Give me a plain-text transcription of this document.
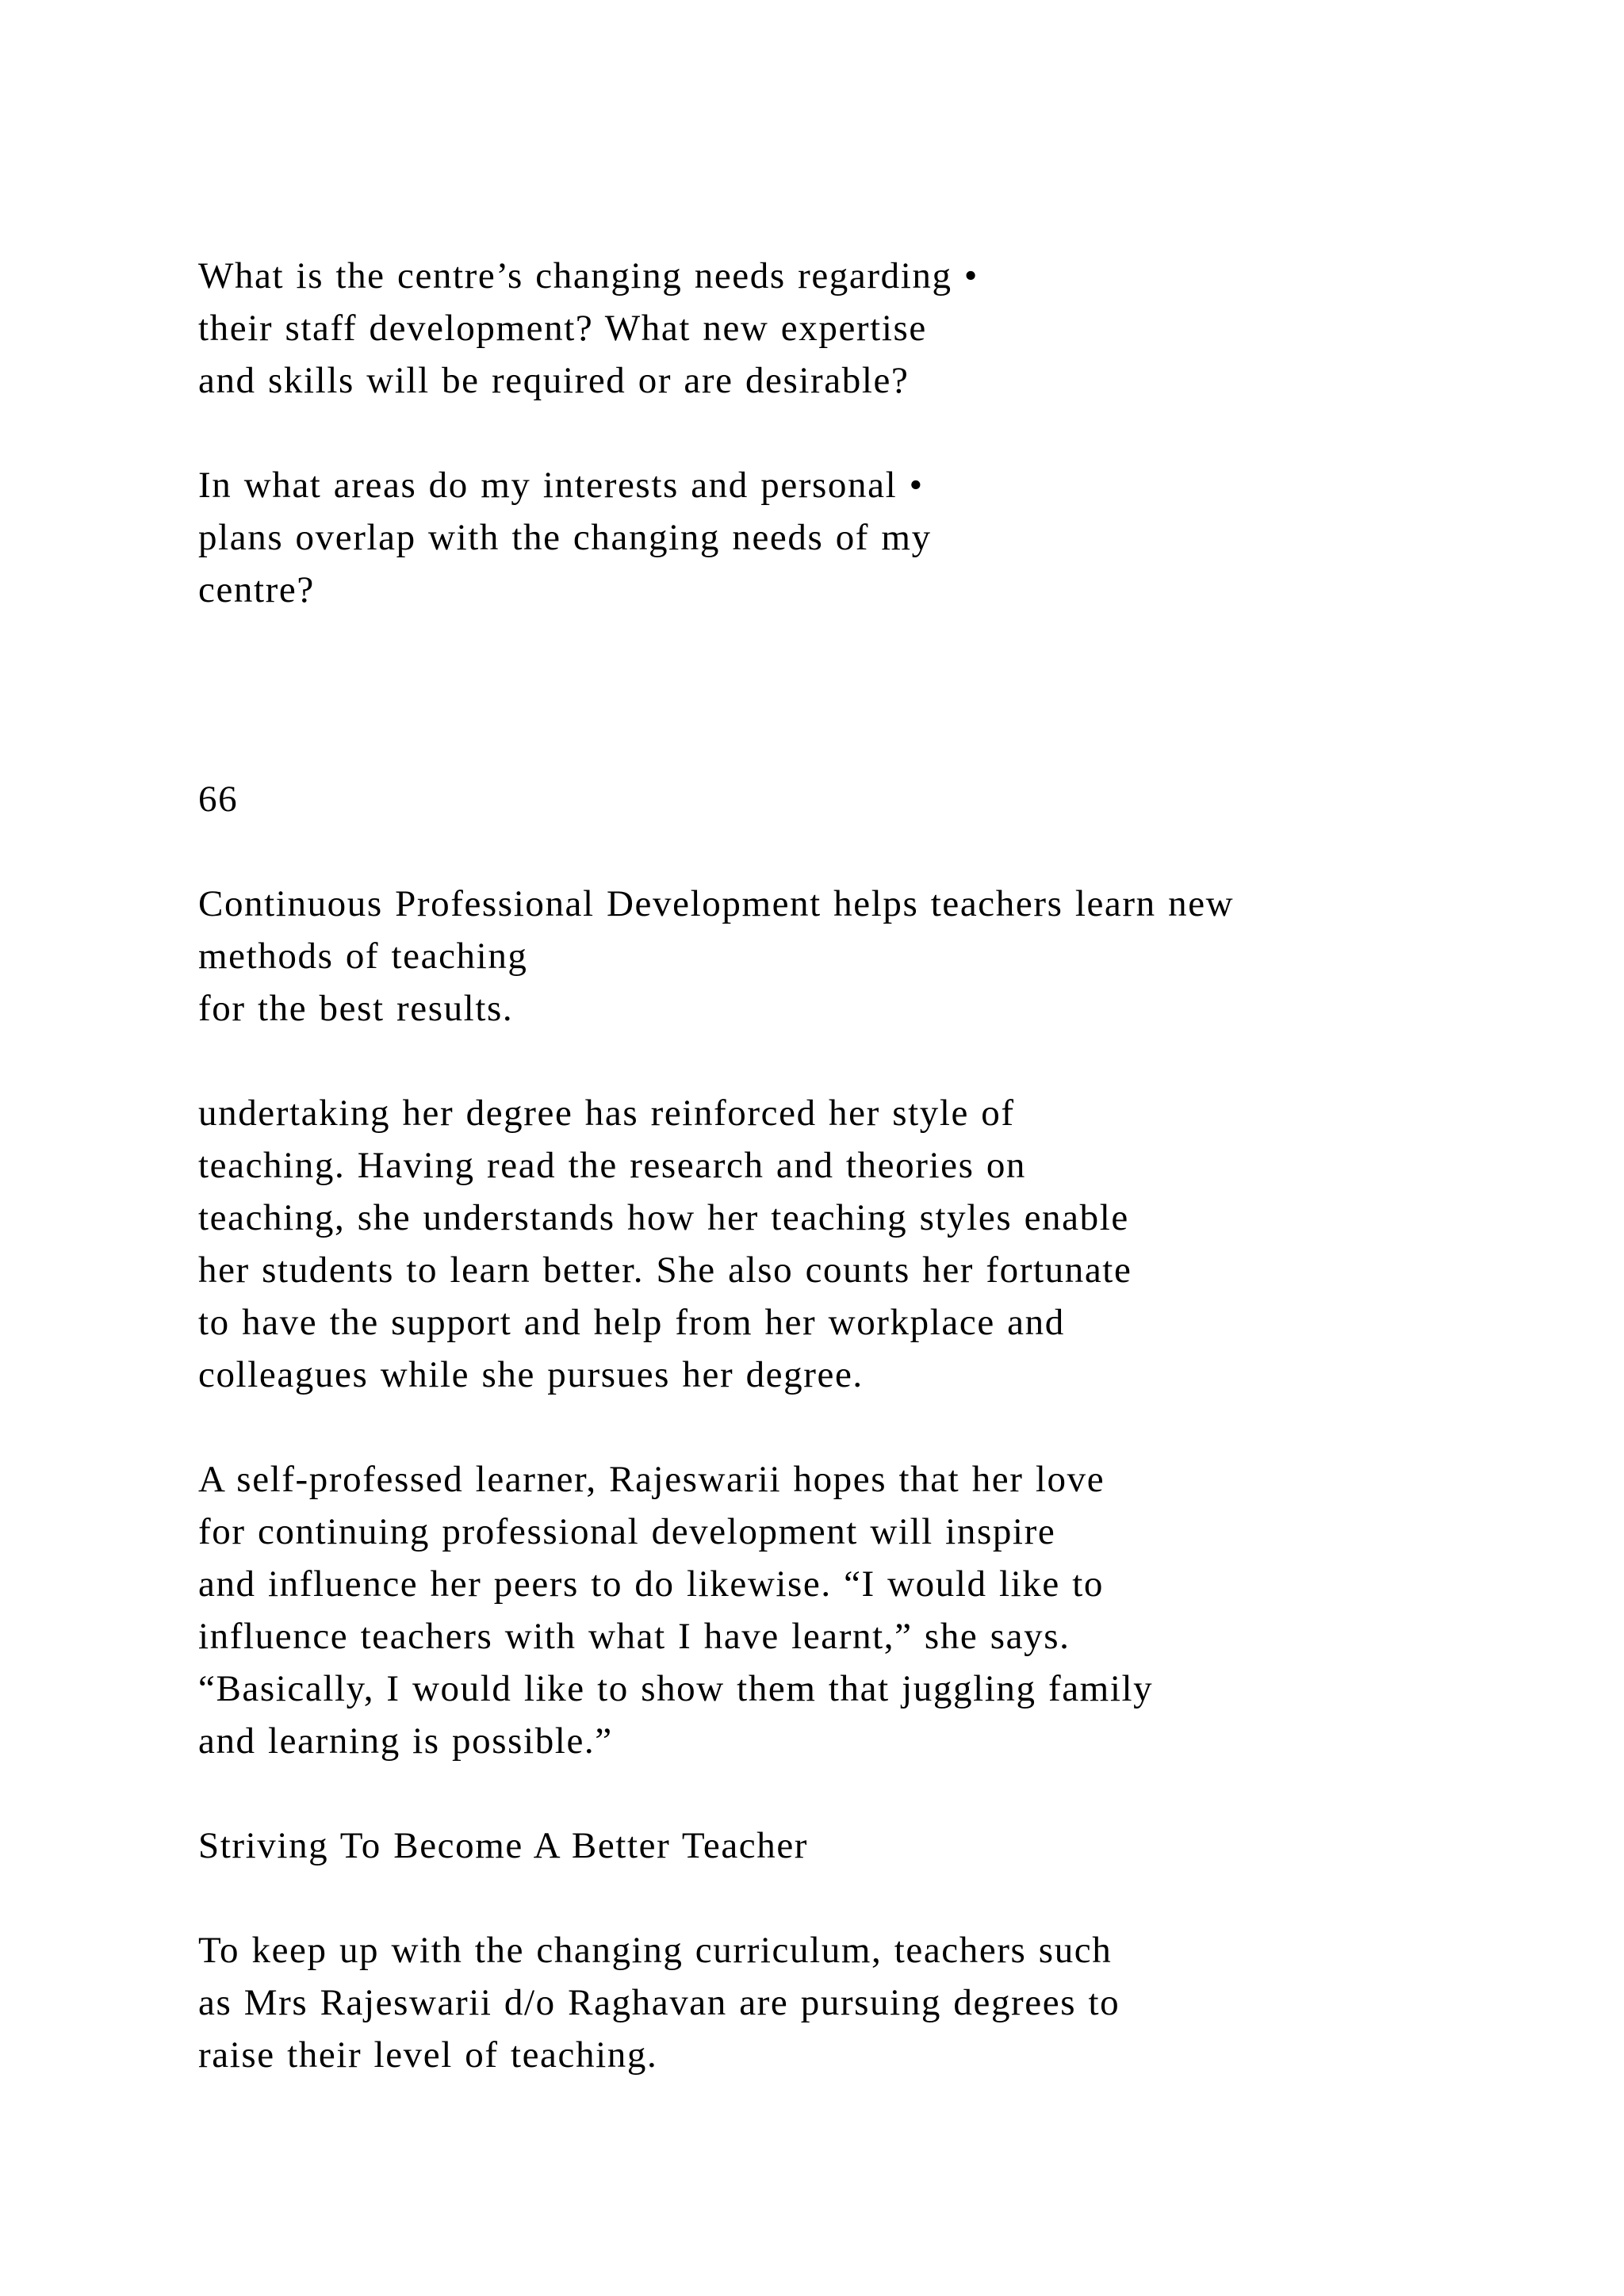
What is the centre’s changing needs regarding •
their staff development? What new expertise
and skills will be required or are desirable?

In what areas do my interests and personal •
plans overlap with the changing needs of my
centre?

66

Continuous Professional Development helps teachers learn new
methods of teaching
for the best results.

undertaking her degree has reinforced her style of
teaching. Having read the research and theories on
teaching, she understands how her teaching styles enable
her students to learn better. She also counts her fortunate
to have the support and help from her workplace and
colleagues while she pursues her degree.

A self-professed learner, Rajeswarii hopes that her love
for continuing professional development will inspire
and influence her peers to do likewise. “I would like to
influence teachers with what I have learnt,” she says.
“Basically, I would like to show them that juggling family
and learning is possible.”

Striving To Become A Better Teacher

To keep up with the changing curriculum, teachers such
as Mrs Rajeswarii d/o Raghavan are pursuing degrees to
raise their level of teaching.
